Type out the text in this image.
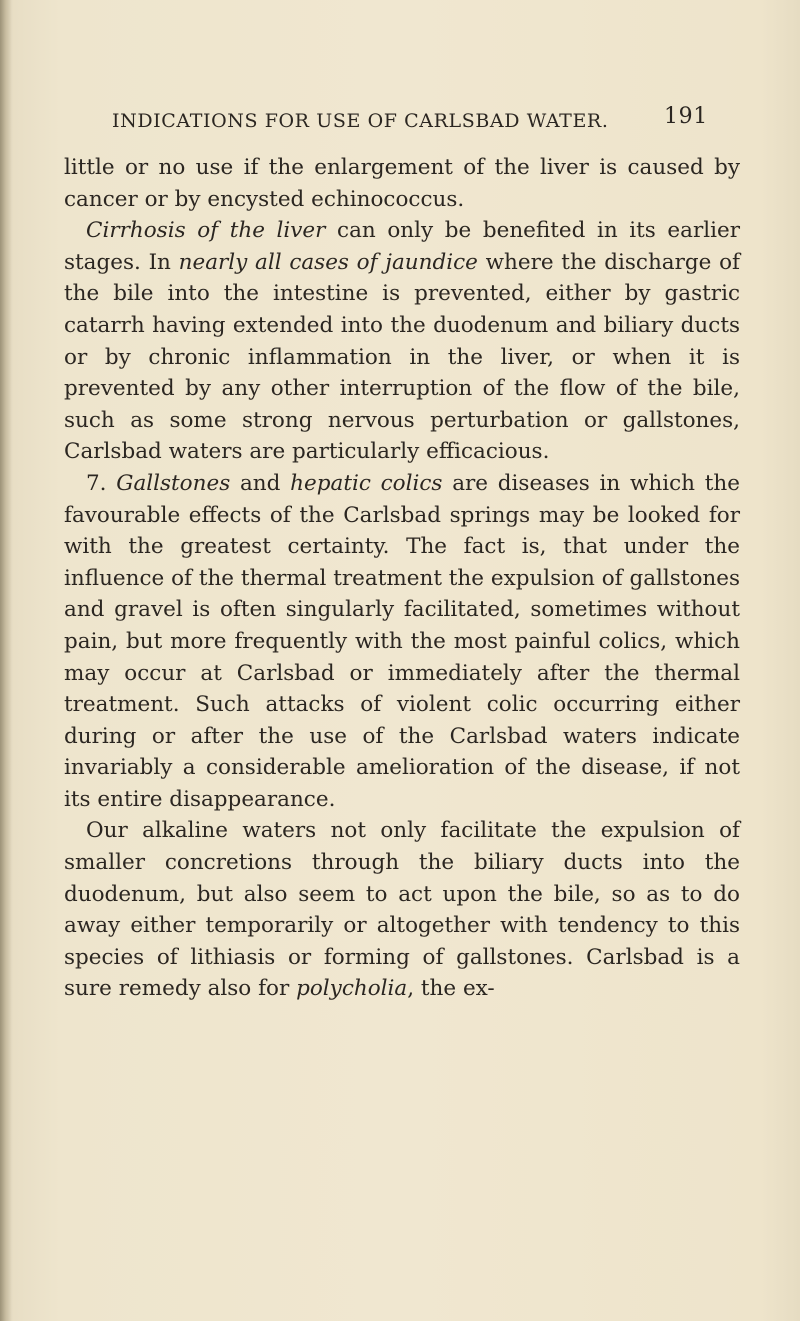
INDICATIONS FOR USE OF CARLSBAD WATER.	191

little or no use if the enlargement of the liver is caused by cancer or by encysted echinococcus.

Cirrhosis of the liver can only be benefited in its earlier stages. In nearly all cases of jaundice where the discharge of the bile into the intestine is prevented, either by gastric catarrh having extended into the duodenum and biliary ducts or by chronic inflammation in the liver, or when it is prevented by any other interruption of the flow of the bile, such as some strong nervous perturbation or gallstones, Carlsbad waters are particularly efficacious.

7. Gallstones and hepatic colics are diseases in which the favourable effects of the Carlsbad springs may be looked for with the greatest certainty. The fact is, that under the influence of the thermal treatment the expulsion of gallstones and gravel is often singularly facilitated, sometimes without pain, but more frequently with the most painful colics, which may occur at Carlsbad or immediately after the thermal treatment. Such attacks of violent colic occurring either during or after the use of the Carlsbad waters indicate invariably a considerable amelioration of the disease, if not its entire disappearance.

Our alkaline waters not only facilitate the expulsion of smaller concretions through the biliary ducts into the duodenum, but also seem to act upon the bile, so as to do away either temporarily or altogether with tendency to this species of lithiasis or forming of gallstones. Carlsbad is a sure remedy also for polycholia, the ex-
